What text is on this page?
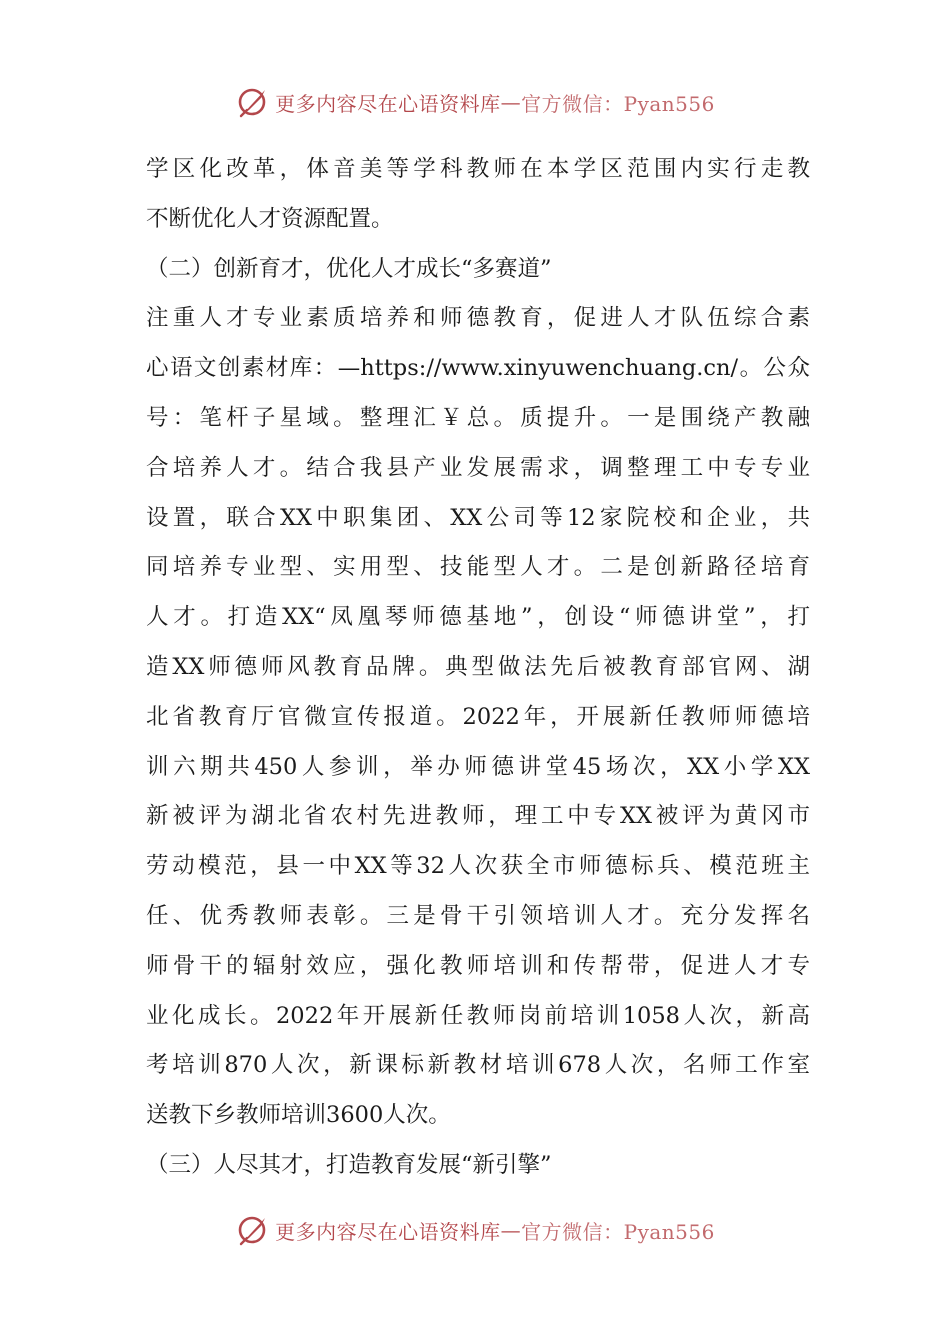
更多内容尽在心语资料库 — 官方微信：Pyan556
学区化改革，体音美等学科教师在本学区范围内实行走教
不断优化人才资源配置。
（二）创新育才，优化人才成长“多赛道”
注重人才专业素质培养和师德教育，促进人才队伍综合素
心语文创素材库：—https://www.xinyuwenchuang.cn/。公众
号：笔杆子星域。整理汇￥总。质提升。一是围绕产教融
合培养人才。结合我县产业发展需求，调整理工中专专业
设置，联合XX中职集团、XX公司等12家院校和企业，共
同培养专业型、实用型、技能型人才。二是创新路径培育
人才。打造XX“凤凰琴师德基地”，创设“师德讲堂”，打
造XX师德师风教育品牌。典型做法先后被教育部官网、湖
北省教育厅官微宣传报道。2022年，开展新任教师师德培
训六期共450人参训，举办师德讲堂45场次，XX小学XX
新被评为湖北省农村先进教师，理工中专XX被评为黄冈市
劳动模范，县一中XX等32人次获全市师德标兵、模范班主
任、优秀教师表彰。三是骨干引领培训人才。充分发挥名
师骨干的辐射效应，强化教师培训和传帮带，促进人才专
业化成长。2022年开展新任教师岗前培训1058人次，新高
考培训870人次，新课标新教材培训678人次，名师工作室
送教下乡教师培训3600人次。
（三）人尽其才，打造教育发展“新引擎”
更多内容尽在心语资料库 — 官方微信：Pyan556
